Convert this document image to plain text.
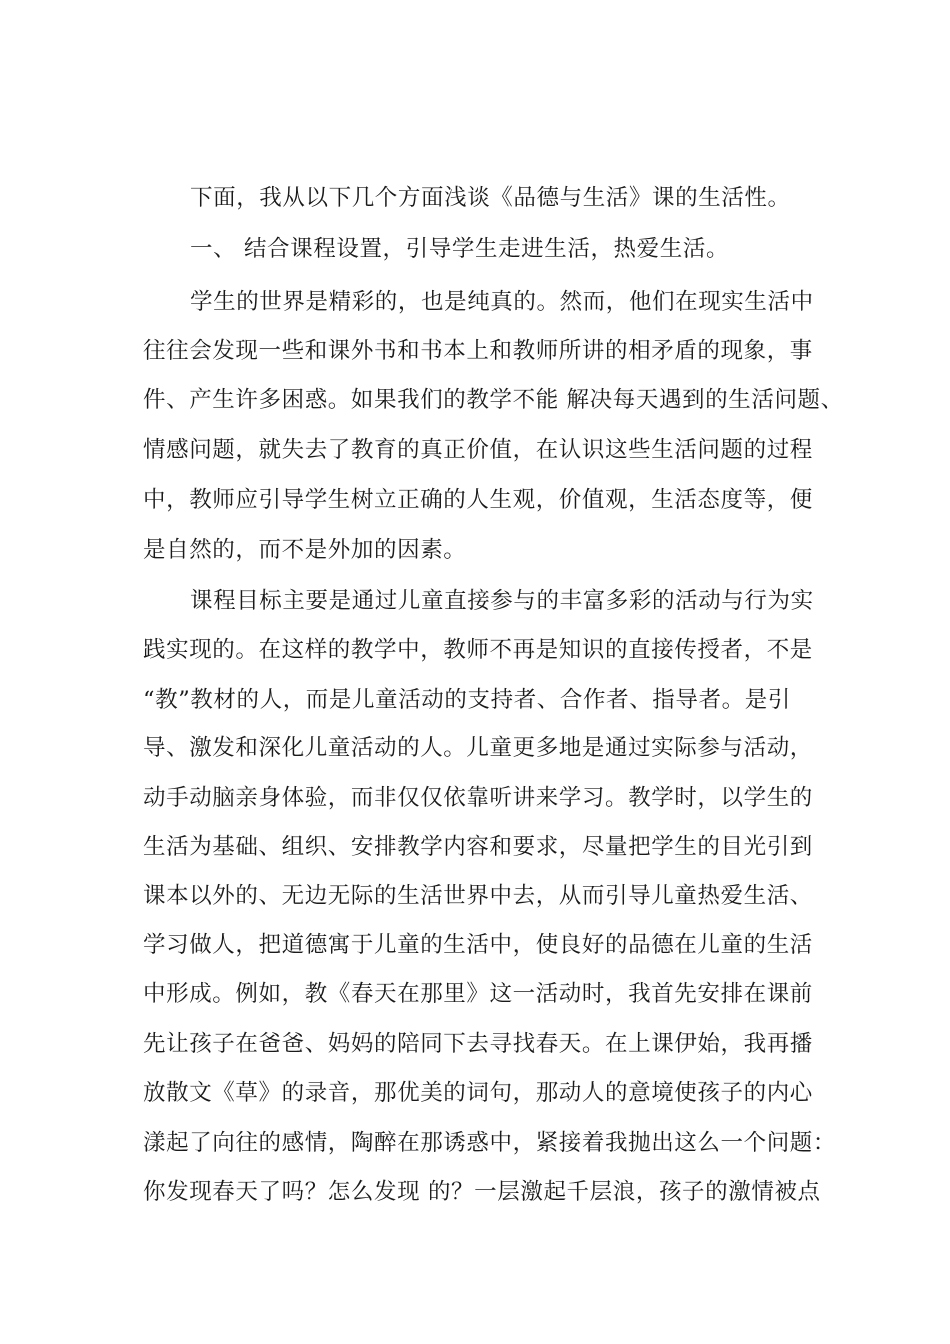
下面，我从以下几个方面浅谈《品德与生活》课的生活性。
一、 结合课程设置，引导学生走进生活，热爱生活。
学生的世界是精彩的，也是纯真的。然而，他们在现实生活中
往往会发现一些和课外书和书本上和教师所讲的相矛盾的现象，事
件、产生许多困惑。如果我们的教学不能 解决每天遇到的生活问题、
情感问题，就失去了教育的真正价值，在认识这些生活问题的过程
中，教师应引导学生树立正确的人生观，价值观，生活态度等，便
是自然的，而不是外加的因素。
课程目标主要是通过儿童直接参与的丰富多彩的活动与行为实
践实现的。在这样的教学中，教师不再是知识的直接传授者，不是
“教”教材的人，而是儿童活动的支持者、合作者、指导者。是引
导、激发和深化儿童活动的人。儿童更多地是通过实际参与活动，
动手动脑亲身体验，而非仅仅依靠听讲来学习。教学时，以学生的
生活为基础、组织、安排教学内容和要求，尽量把学生的目光引到
课本以外的、无边无际的生活世界中去，从而引导儿童热爱生活、
学习做人，把道德寓于儿童的生活中，使良好的品德在儿童的生活
中形成。例如，教《春天在那里》这一活动时，我首先安排在课前
先让孩子在爸爸、妈妈的陪同下去寻找春天。在上课伊始，我再播
放散文《草》的录音，那优美的词句，那动人的意境使孩子的内心
漾起了向往的感情，陶醉在那诱惑中，紧接着我抛出这么一个问题：
你发现春天了吗？怎么发现 的？一层激起千层浪，孩子的激情被点
